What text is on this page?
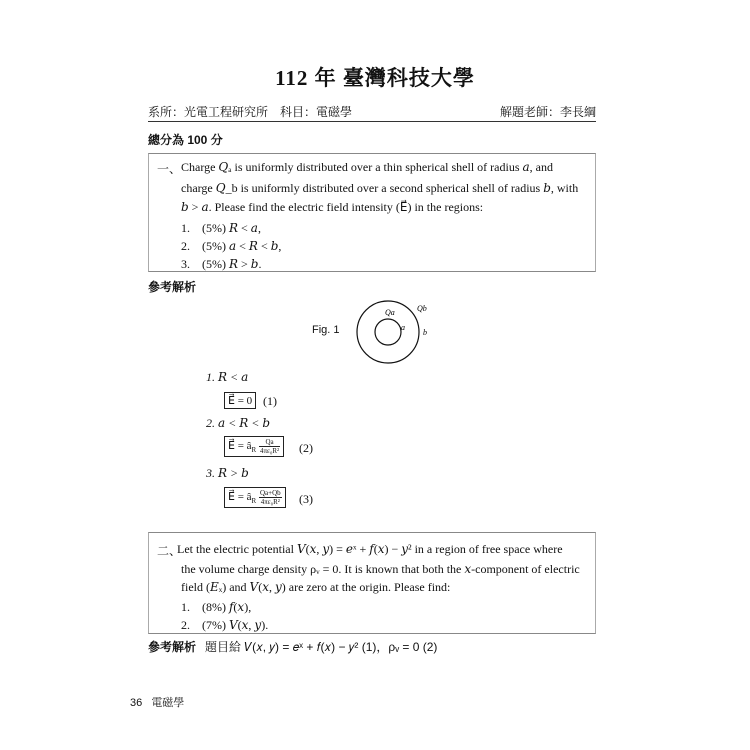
112 年 臺灣科技大學
系所：光電工程研究所　科目：電磁學	解題老師：李長綱
總分為 100 分
一、 Charge 𝑄ₐ is uniformly distributed over a thin spherical shell of radius 𝑎, and
charge 𝑄_b is uniformly distributed over a second spherical shell of radius 𝑏, with
𝑏 > 𝑎. Please find the electric field intensity (E⃗) in the regions:
1.　(5%) 𝑅 < 𝑎,
2.　(5%) 𝑎 < 𝑅 < 𝑏,
3.　(5%) 𝑅 > 𝑏.
參考解析
Fig. 1
Qa	Qb
a
b
1. 𝑅 < 𝑎
E⃗ = 0 (1)
2. 𝑎 < 𝑅 < 𝑏
E⃗ = $â_R \frac{Qa}{\text{4πε₀R²}} (2)$
3. 𝑅 > 𝑏
E⃗ = $â_R \frac{Qa+Qb}{\text{4πε₀R²}} (3)$
二、
Let the electric potential 𝑉(𝑥, 𝑦) = 𝑒ˣ + 𝑓(𝑥) − 𝑦² in a region of free space where
the volume charge density ρᵥ = 0. It is known that both the 𝑥-component of electric
field (𝐸ₓ) and 𝑉(𝑥, 𝑦) are zero at the origin. Please find:
1.　(8%) 𝑓(𝑥),
2.　(7%) 𝑉(𝑥, 𝑦).
參考解析 題目給 𝑉(𝑥, 𝑦) = 𝑒ˣ + 𝑓(𝑥) − 𝑦² (1)，ρᵥ = 0 (2)
36 電磁學
